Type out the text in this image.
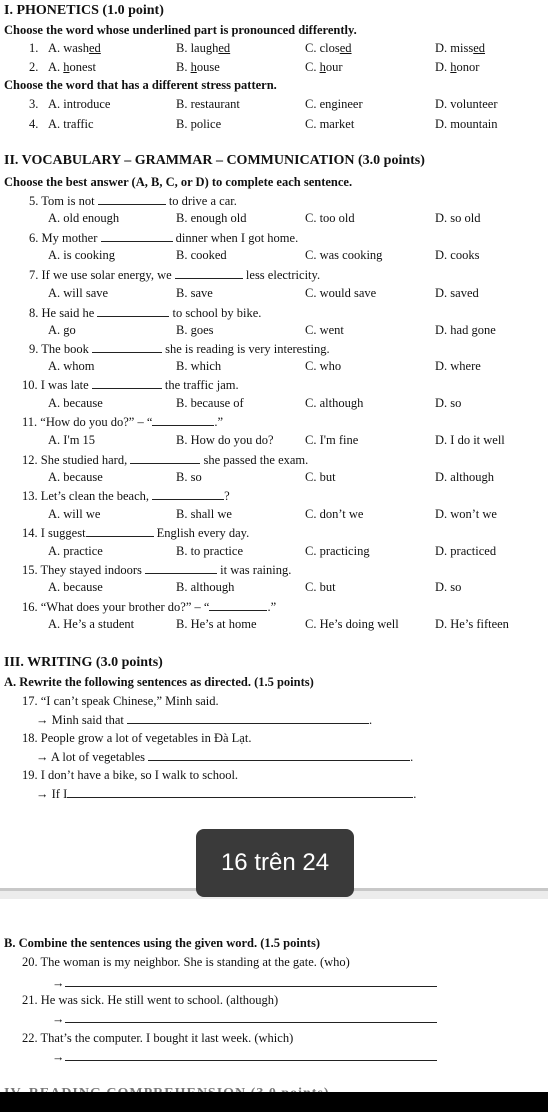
I. PHONETICS (1.0 point)
Choose the word whose underlined part is pronounced differently.
1. A. washed	B. laughed	C. closed	D. missed
2. A. honest	B. house	C. hour	D. honor
Choose the word that has a different stress pattern.
3. A. introduce	B. restaurant	C. engineer	D. volunteer
4. A. traffic	B. police	C. market	D. mountain
II. VOCABULARY – GRAMMAR – COMMUNICATION (3.0 points)
Choose the best answer (A, B, C, or D) to complete each sentence.
5. Tom is not	to drive a car.
A. old enough	B. enough old	C. too old	D. so old
6. My mother	dinner when I got home.
A. is cooking	B. cooked	C. was cooking	D. cooks
7. If we use solar energy, we	less electricity.
A. will save	B. save	C. would save	D. saved
8. He said he	to school by bike.
A. go	B. goes	C. went	D. had gone
9. The book	she is reading is very interesting.
A. whom	B. which	C. who	D. where
10. I was late	the traffic jam.
A. because	B. because of	C. although	D. so
11. “How do you do?” – “	.”
A. I'm 15	B. How do you do?	C. I'm fine	D. I do it well
12. She studied hard,	she passed the exam.
A. because	B. so	C. but	D. although
13. Let’s clean the beach,	?
A. will we	B. shall we	C. don’t we	D. won’t we
14. I suggest	English every day.
A. practice	B. to practice	C. practicing	D. practiced
15. They stayed indoors	it was raining.
A. because	B. although	C. but	D. so
16. “What does your brother do?” – “	.”
A. He’s a student	B. He’s at home	C. He’s doing well	D. He’s fifteen
III. WRITING (3.0 points)
A. Rewrite the following sentences as directed. (1.5 points)
17. “I can’t speak Chinese,” Minh said.
→ Minh said that	.
18. People grow a lot of vegetables in Đà Lạt.
→ A lot of vegetables	.
19. I don’t have a bike, so I walk to school.
→ If I	.
16 trên 24
B. Combine the sentences using the given word. (1.5 points)
20. The woman is my neighbor. She is standing at the gate. (who)
→
21. He was sick. He still went to school. (although)
→
22. That’s the computer. I bought it last week. (which)
→
